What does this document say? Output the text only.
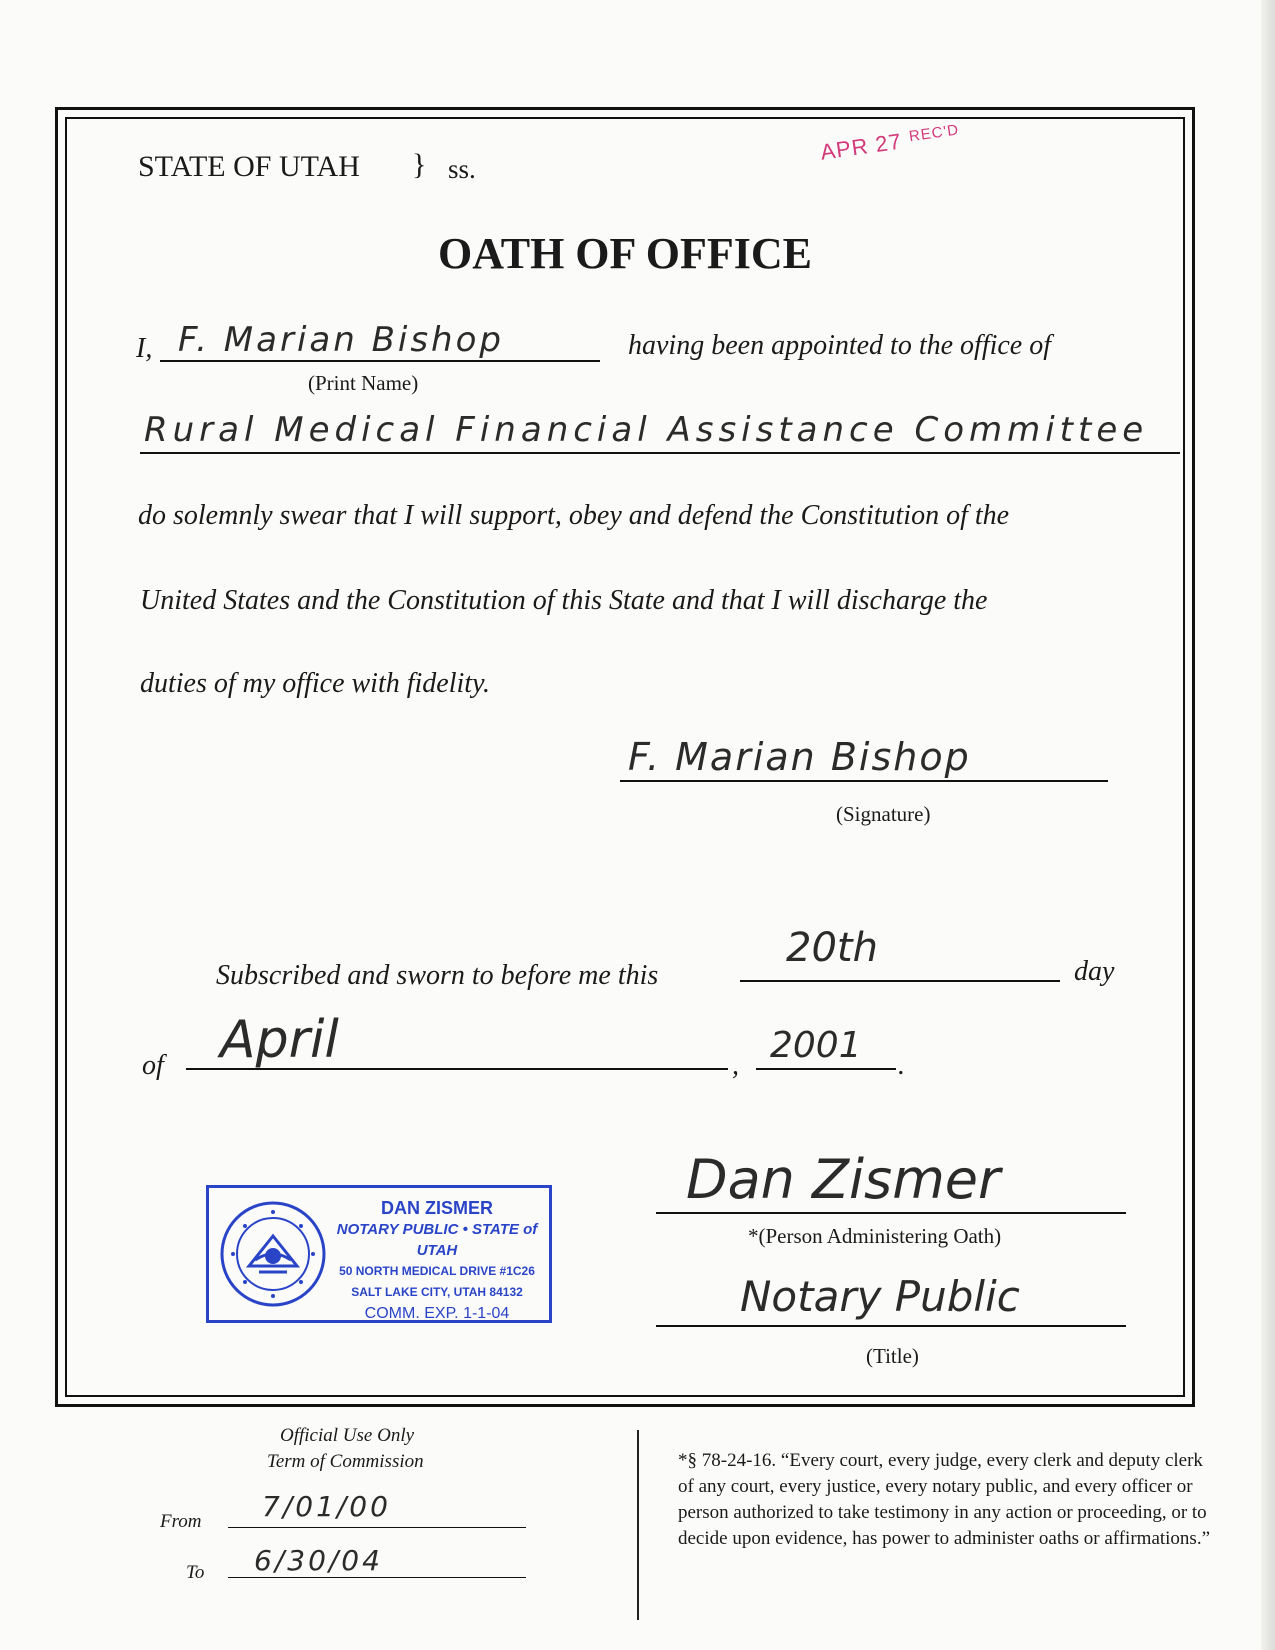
STATE OF UTAH } ss.
APR 27 $^{REC'D}$
OATH OF OFFICE
I, F. Marian Bishop
(Print Name)
having been appointed to the office of
Rural Medical Financial Assistance Committee
do solemnly swear that I will support, obey and defend the Constitution of the
United States and the Constitution of this State and that I will discharge the
duties of my office with fidelity.
F. Marian Bishop
(Signature)
Subscribed and sworn to before me this
20th
day
of April	, 2001 .
DAN ZISMER
NOTARY PUBLIC • STATE of UTAH
50 NORTH MEDICAL DRIVE #1C26
SALT LAKE CITY, UTAH 84132
COMM. EXP. 1-1-04
Dan Zismer
*(Person Administering Oath)
Notary Public
(Title)
Official Use Only
Term of Commission
From 7/01/00
To 6/30/04
*§ 78-24-16. “Every court, every judge, every clerk and deputy clerk of any court, every justice, every notary public, and every officer or person authorized to take testimony in any action or proceeding, or to decide upon evidence, has power to administer oaths or affirmations.”
